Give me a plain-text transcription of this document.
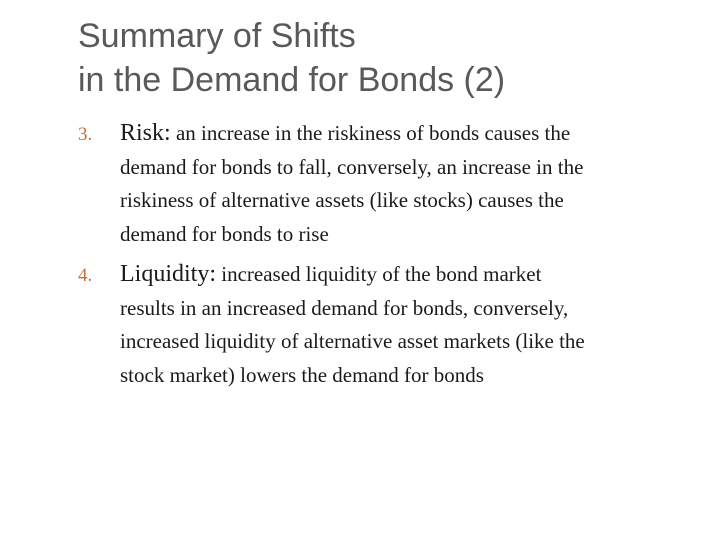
Summary of Shifts
in the Demand for Bonds (2)
3. Risk: an increase in the riskiness of bonds causes the
demand for bonds to fall, conversely, an increase in the
riskiness of alternative assets (like stocks) causes the
demand for bonds to rise
4. Liquidity: increased liquidity of the bond market
results in an increased demand for bonds, conversely,
increased liquidity of alternative asset markets (like the
stock market) lowers the demand for bonds
